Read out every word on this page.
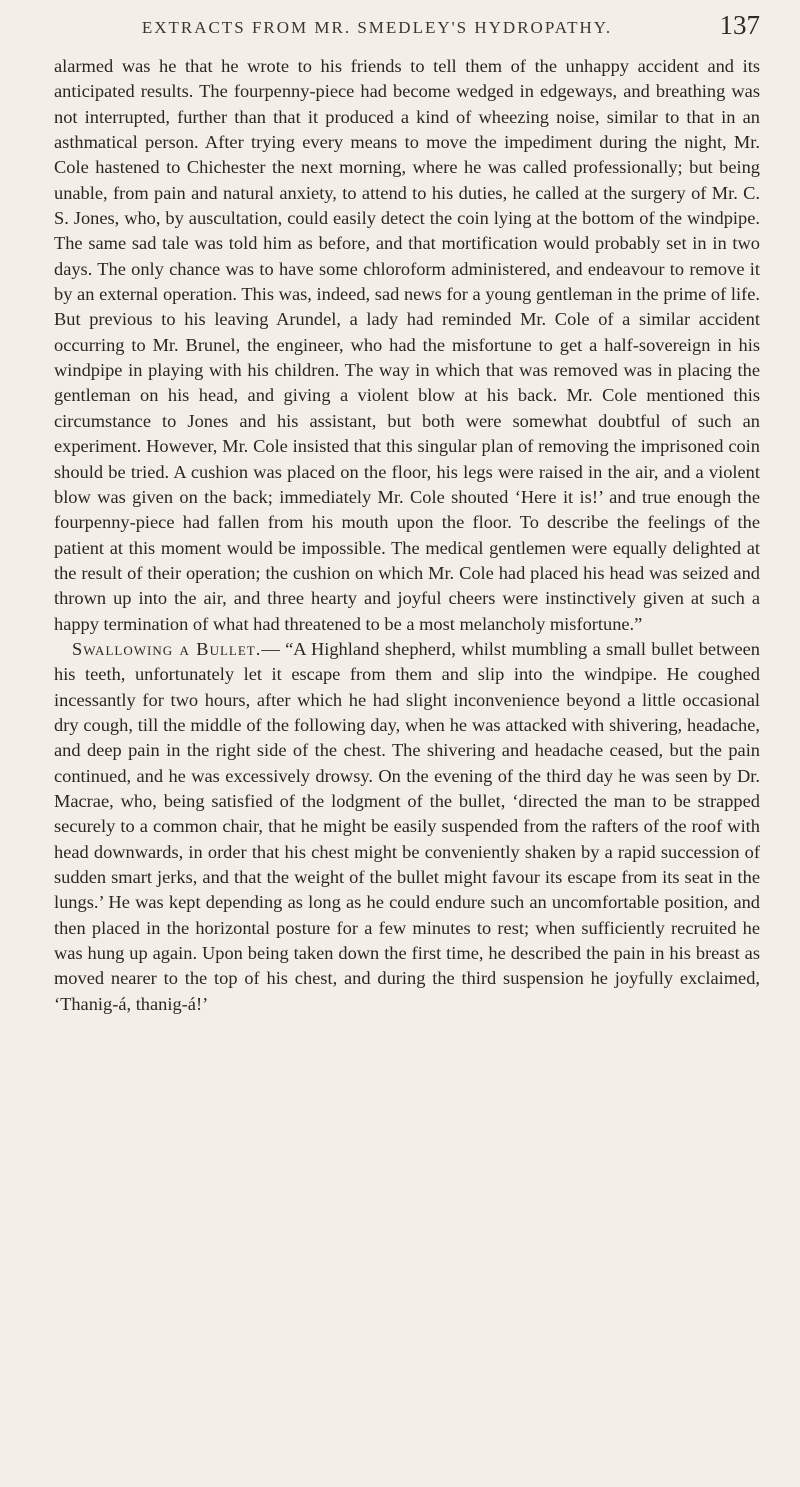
EXTRACTS FROM MR. SMEDLEY'S HYDROPATHY.	137

alarmed was he that he wrote to his friends to tell them of the unhappy accident and its anticipated results. The fourpenny-piece had become wedged in edgeways, and breathing was not interrupted, further than that it produced a kind of wheezing noise, similar to that in an asthmatical person. After trying every means to move the impediment during the night, Mr. Cole hastened to Chichester the next morning, where he was called professionally; but being unable, from pain and natural anxiety, to attend to his duties, he called at the surgery of Mr. C. S. Jones, who, by auscultation, could easily detect the coin lying at the bottom of the windpipe. The same sad tale was told him as before, and that mortification would probably set in in two days. The only chance was to have some chloroform administered, and endeavour to remove it by an external operation. This was, indeed, sad news for a young gentleman in the prime of life. But previous to his leaving Arundel, a lady had reminded Mr. Cole of a similar accident occurring to Mr. Brunel, the engineer, who had the misfortune to get a half-sovereign in his windpipe in playing with his children. The way in which that was removed was in placing the gentleman on his head, and giving a violent blow at his back. Mr. Cole mentioned this circumstance to Jones and his assistant, but both were somewhat doubtful of such an experiment. However, Mr. Cole insisted that this singular plan of removing the imprisoned coin should be tried. A cushion was placed on the floor, his legs were raised in the air, and a violent blow was given on the back; immediately Mr. Cole shouted ‘Here it is!’ and true enough the fourpenny-piece had fallen from his mouth upon the floor. To describe the feelings of the patient at this moment would be impossible. The medical gentlemen were equally delighted at the result of their operation; the cushion on which Mr. Cole had placed his head was seized and thrown up into the air, and three hearty and joyful cheers were instinctively given at such a happy termination of what had threatened to be a most melancholy misfortune.”

Swallowing a Bullet.— “A Highland shepherd, whilst mumbling a small bullet between his teeth, unfortunately let it escape from them and slip into the windpipe. He coughed incessantly for two hours, after which he had slight inconvenience beyond a little occasional dry cough, till the middle of the following day, when he was attacked with shivering, headache, and deep pain in the right side of the chest. The shivering and headache ceased, but the pain continued, and he was excessively drowsy. On the evening of the third day he was seen by Dr. Macrae, who, being satisfied of the lodgment of the bullet, ‘directed the man to be strapped securely to a common chair, that he might be easily suspended from the rafters of the roof with head downwards, in order that his chest might be conveniently shaken by a rapid succession of sudden smart jerks, and that the weight of the bullet might favour its escape from its seat in the lungs.’ He was kept depending as long as he could endure such an uncomfortable position, and then placed in the horizontal posture for a few minutes to rest; when sufficiently recruited he was hung up again. Upon being taken down the first time, he described the pain in his breast as moved nearer to the top of his chest, and during the third suspension he joyfully exclaimed, ‘Thanig-á, thanig-á!’
